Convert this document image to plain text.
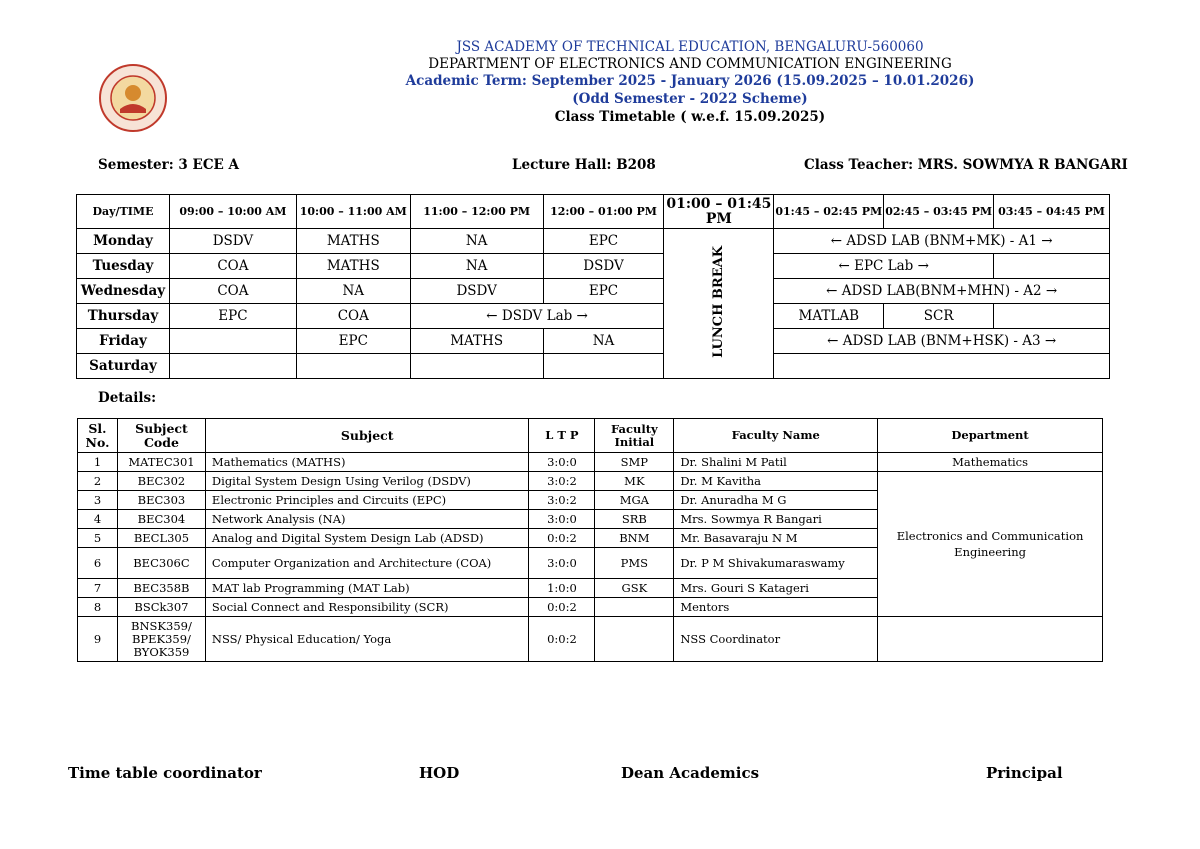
JSS ACADEMY OF TECHNICAL EDUCATION, BENGALURU-560060
DEPARTMENT OF ELECTRONICS AND COMMUNICATION ENGINEERING
Academic Term: September 2025 - January 2026 (15.09.2025 – 10.01.2026)
(Odd Semester - 2022 Scheme)
Class Timetable ( w.e.f. 15.09.2025)
Semester: 3 ECE A	Lecture Hall: B208	Class Teacher: MRS. SOWMYA R BANGARI
Day/TIME	09:00 – 10:00 AM	10:00 – 11:00 AM	11:00 – 12:00 PM	12:00 – 01:00 PM	01:00 – 01:45 PM	01:45 – 02:45 PM	02:45 – 03:45 PM	03:45 – 04:45 PM
Monday	DSDV	MATHS	NA	EPC	LUNCH BREAK	← ADSD LAB (BNM+MK) - A1 →		
Tuesday	COA	MATHS	NA	DSDV		← EPC Lab →		
Wednesday	COA	NA	DSDV	EPC		← ADSD LAB(BNM+MHN) - A2 →		
Thursday	EPC	COA	← DSDV Lab →			MATLAB	SCR	
Friday		EPC	MATHS	NA		← ADSD LAB (BNM+HSK) - A3 →		
Saturday								
Details:
Sl. No.	Subject Code	Subject	L T P	Faculty Initial	Faculty Name	Department
1	MATEC301	Mathematics (MATHS)	3:0:0	SMP	Dr. Shalini M Patil	Mathematics
2	BEC302	Digital System Design Using Verilog (DSDV)	3:0:2	MK	Dr. M Kavitha	Electronics and Communication Engineering
3	BEC303	Electronic Principles and Circuits (EPC)	3:0:2	MGA	Dr. Anuradha M G	
4	BEC304	Network Analysis (NA)	3:0:0	SRB	Mrs. Sowmya R Bangari	
5	BECL305	Analog and Digital System Design Lab (ADSD)	0:0:2	BNM	Mr. Basavaraju N M	
6	BEC306C	Computer Organization and Architecture (COA)	3:0:0	PMS	Dr. P M Shivakumaraswamy	
7	BEC358B	MAT lab Programming (MAT Lab)	1:0:0	GSK	Mrs. Gouri S Katageri	
8	BSCk307	Social Connect and Responsibility (SCR)	0:0:2		Mentors	
9	BNSK359/ BPEK359/ BYOK359	NSS/ Physical Education/ Yoga	0:0:2		NSS Coordinator	
Time table coordinator	HOD	Dean Academics	Principal
